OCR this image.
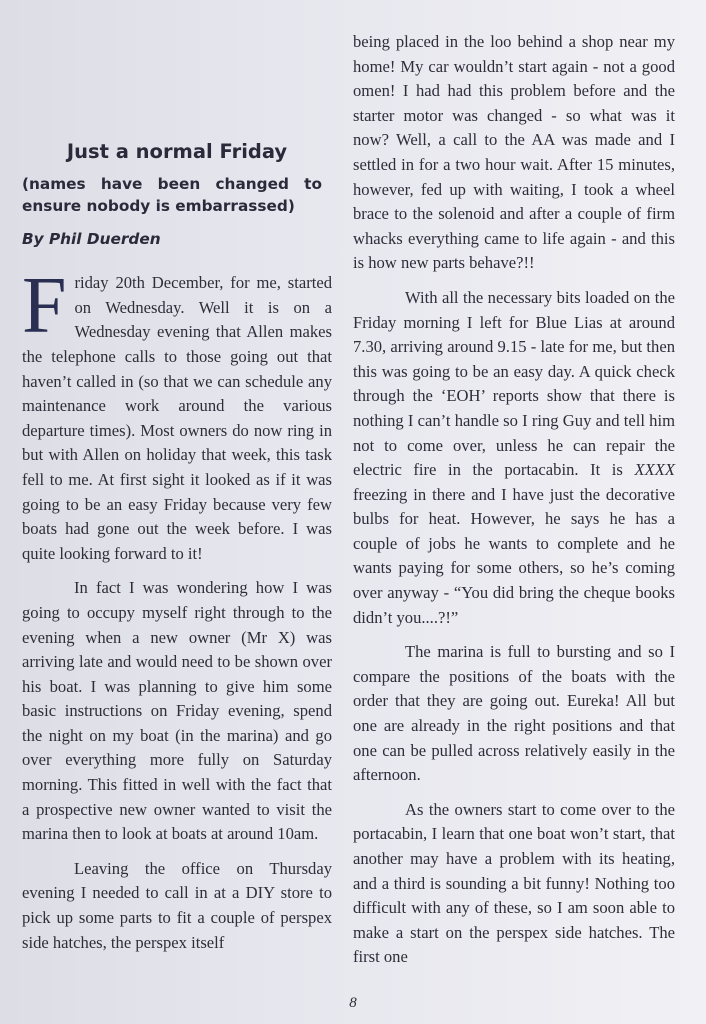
Just a normal Friday

(names have been changed to ensure nobody is embarrassed)

By Phil Duerden

Friday 20th December, for me, started on Wednesday. Well it is on a Wednesday evening that Allen makes the telephone calls to those going out that haven’t called in (so that we can schedule any maintenance work around the various departure times). Most owners do now ring in but with Allen on holiday that week, this task fell to me. At first sight it looked as if it was going to be an easy Friday because very few boats had gone out the week before. I was quite looking forward to it!

In fact I was wondering how I was going to occupy myself right through to the evening when a new owner (Mr X) was arriving late and would need to be shown over his boat. I was planning to give him some basic instructions on Friday evening, spend the night on my boat (in the marina) and go over everything more fully on Saturday morning. This fitted in well with the fact that a prospective new owner wanted to visit the marina then to look at boats at around 10am.

Leaving the office on Thursday evening I needed to call in at a DIY store to pick up some parts to fit a couple of perspex side hatches, the perspex itself

being placed in the loo behind a shop near my home! My car wouldn’t start again - not a good omen! I had had this problem before and the starter motor was changed - so what was it now? Well, a call to the AA was made and I settled in for a two hour wait. After 15 minutes, however, fed up with waiting, I took a wheel brace to the solenoid and after a couple of firm whacks everything came to life again - and this is how new parts behave?!!

With all the necessary bits loaded on the Friday morning I left for Blue Lias at around 7.30, arriving around 9.15 - late for me, but then this was going to be an easy day. A quick check through the ‘EOH’ reports show that there is nothing I can’t handle so I ring Guy and tell him not to come over, unless he can repair the electric fire in the portacabin. It is XXXX freezing in there and I have just the decorative bulbs for heat. However, he says he has a couple of jobs he wants to complete and he wants paying for some others, so he’s coming over anyway - “You did bring the cheque books didn’t you....?!”

The marina is full to bursting and so I compare the positions of the boats with the order that they are going out. Eureka! All but one are already in the right positions and that one can be pulled across relatively easily in the afternoon.

As the owners start to come over to the portacabin, I learn that one boat won’t start, that another may have a problem with its heating, and a third is sounding a bit funny! Nothing too difficult with any of these, so I am soon able to make a start on the perspex side hatches. The first one

8
